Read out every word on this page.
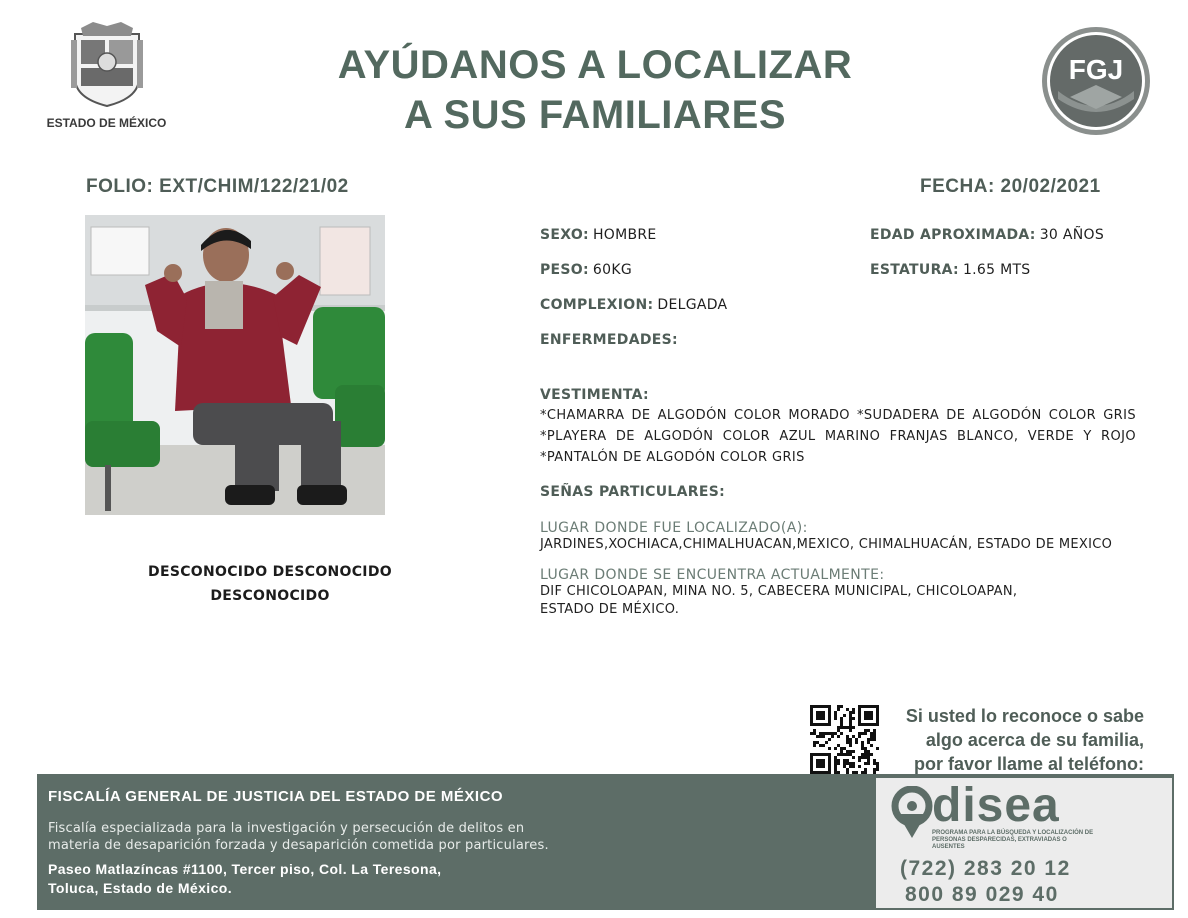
ESTADO DE MÉXICO
AYÚDANOS A LOCALIZAR
A SUS FAMILIARES
FGJ
FOLIO: EXT/CHIM/122/21/02	FECHA: 20/02/2021
DESCONOCIDO DESCONOCIDO
DESCONOCIDO
SEXO: HOMBRE	EDAD APROXIMADA: 30 AÑOS
PESO: 60KG	ESTATURA: 1.65 MTS
COMPLEXION: DELGADA
ENFERMEDADES:
VESTIMENTA:
*CHAMARRA DE ALGODÓN COLOR MORADO *SUDADERA DE ALGODÓN COLOR GRIS *PLAYERA DE ALGODÓN COLOR AZUL MARINO FRANJAS BLANCO, VERDE Y ROJO *PANTALÓN DE ALGODÓN COLOR GRIS
SEÑAS PARTICULARES:
LUGAR DONDE FUE LOCALIZADO(A):
JARDINES,XOCHIACA,CHIMALHUACAN,MEXICO, CHIMALHUACÁN, ESTADO DE MEXICO
LUGAR DONDE SE ENCUENTRA ACTUALMENTE:
DIF CHICOLOAPAN, MINA NO. 5, CABECERA MUNICIPAL, CHICOLOAPAN,
ESTADO DE MÉXICO.
Si usted lo reconoce o sabe
algo acerca de su familia,
por favor llame al teléfono:
FISCALÍA GENERAL DE JUSTICIA DEL ESTADO DE MÉXICO
Fiscalía especializada para la investigación y persecución de delitos en
materia de desaparición forzada y desaparición cometida por particulares.
Paseo Matlazíncas #1100, Tercer piso, Col. La Teresona,
Toluca, Estado de México.
disea
PROGRAMA PARA LA BÚSQUEDA Y LOCALIZACIÓN DE PERSONAS DESPARECIDAS, EXTRAVIADAS O AUSENTES
(722) 283 20 12
800 89 029 40
